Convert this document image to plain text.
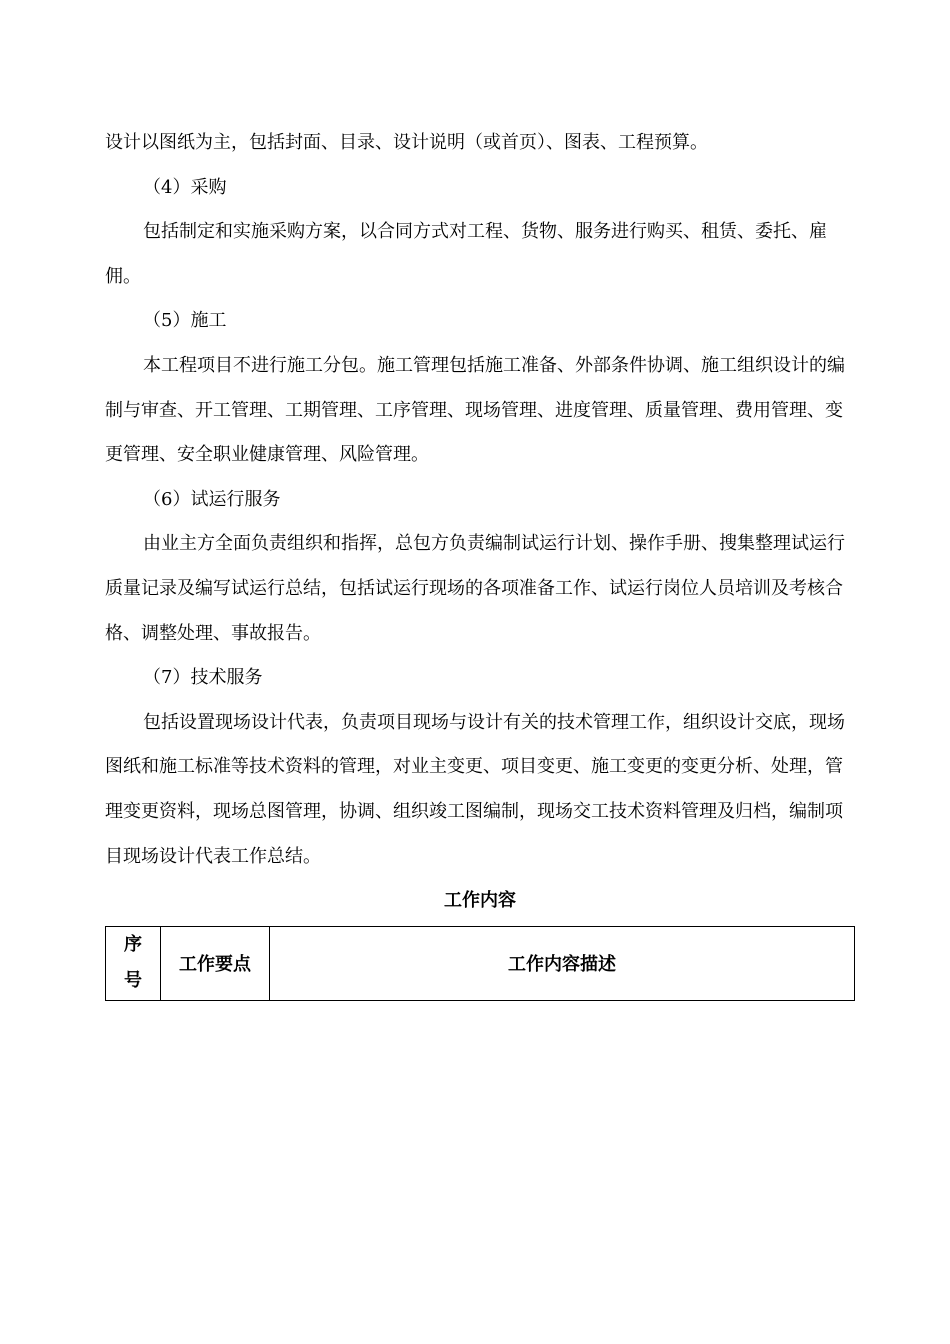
设计以图纸为主，包括封面、目录、设计说明（或首页）、图表、工程预算。

（4）采购

包括制定和实施采购方案，以合同方式对工程、货物、服务进行购买、租赁、委托、雇佣。

（5）施工

本工程项目不进行施工分包。施工管理包括施工准备、外部条件协调、施工组织设计的编制与审查、开工管理、工期管理、工序管理、现场管理、进度管理、质量管理、费用管理、变更管理、安全职业健康管理、风险管理。

（6）试运行服务

由业主方全面负责组织和指挥，总包方负责编制试运行计划、操作手册、搜集整理试运行质量记录及编写试运行总结，包括试运行现场的各项准备工作、试运行岗位人员培训及考核合格、调整处理、事故报告。

（7）技术服务

包括设置现场设计代表，负责项目现场与设计有关的技术管理工作，组织设计交底，现场图纸和施工标准等技术资料的管理，对业主变更、项目变更、施工变更的变更分析、处理，管理变更资料，现场总图管理，协调、组织竣工图编制，现场交工技术资料管理及归档，编制项目现场设计代表工作总结。

工作内容

序
号	工作要点	工作内容描述
